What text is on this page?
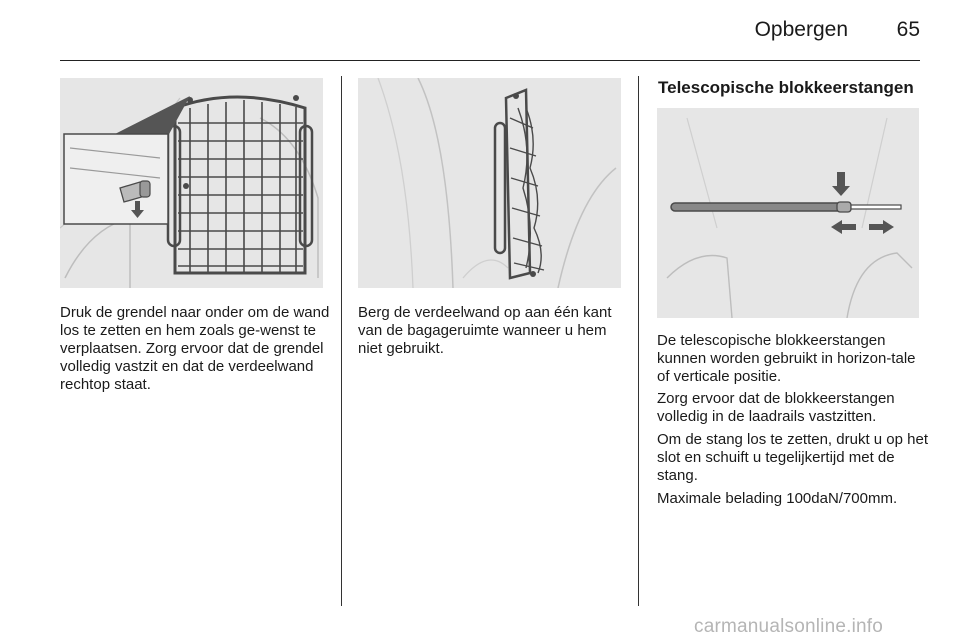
Opbergen 65
Telescopische blokkeerstangen

Druk de grendel naar onder om de wand los te zetten en hem zoals ge-wenst te verplaatsen. Zorg ervoor dat de grendel volledig vastzit en dat de verdeelwand rechtop staat.

Berg de verdeelwand op aan één kant van de bagageruimte wanneer u hem niet gebruikt.	De telescopische blokkeerstangen kunnen worden gebruikt in horizon-tale of verticale positie.

Zorg ervoor dat de blokkeerstangen volledig in de laadrails vastzitten.

Om de stang los te zetten, drukt u op het slot en schuift u tegelijkertijd met de stang.

Maximale belading 100daN/700mm.

carmanualsonline.info
